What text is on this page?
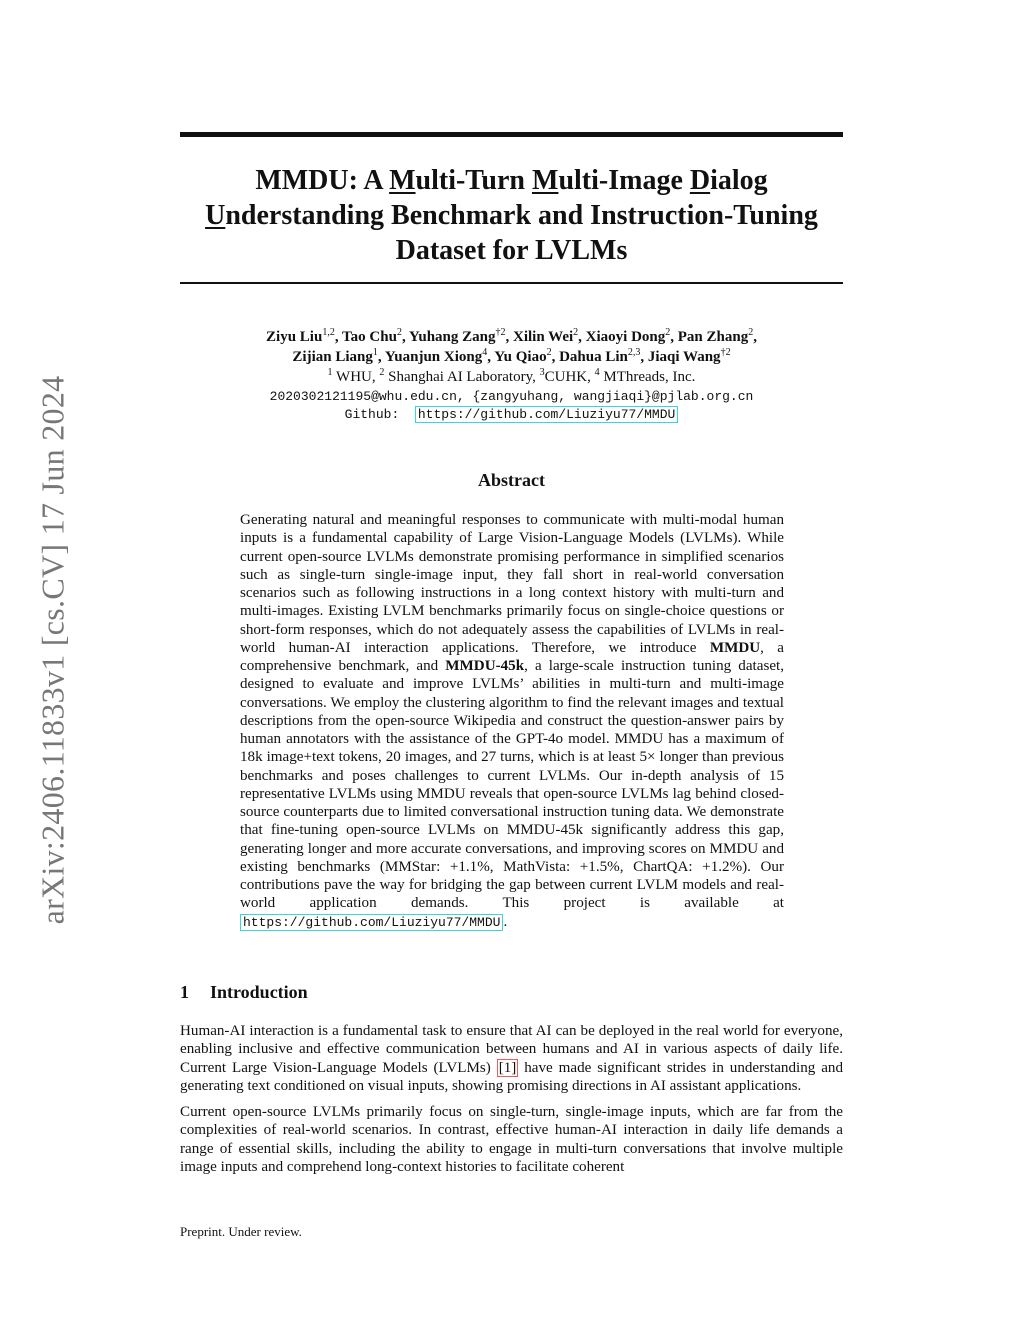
arXiv:2406.11833v1 [cs.CV] 17 Jun 2024
MMDU: A Multi-Turn Multi-Image Dialog
Understanding Benchmark and Instruction-Tuning
Dataset for LVLMs
Ziyu Liu$^{1,2}$, Tao Chu$^2$, Yuhang Zang$^{\dagger 2}$, Xilin Wei$^2$, Xiaoyi Dong$^2$, Pan Zhang$^2$,
Zijian Liang$^1$, Yuanjun Xiong$^4$, Yu Qiao$^2$, Dahua Lin$^{2,3}$, Jiaqi Wang$^{\dagger 2}$
$^1$ WHU, $^2$ Shanghai AI Laboratory, $^3$CUHK, $^4$ MThreads, Inc.
2020302121195@whu.edu.cn, {zangyuhang, wangjiaqi}@pjlab.org.cn
Github: https://github.com/Liuziyu77/MMDU
Abstract

Generating natural and meaningful responses to communicate with multi-modal human inputs is a fundamental capability of Large Vision-Language Models (LVLMs). While current open-source LVLMs demonstrate promising performance in simplified scenarios such as single-turn single-image input, they fall short in real-world conversation scenarios such as following instructions in a long context history with multi-turn and multi-images. Existing LVLM benchmarks primarily focus on single-choice questions or short-form responses, which do not adequately assess the capabilities of LVLMs in real-world human-AI interaction applications. Therefore, we introduce MMDU, a comprehensive benchmark, and MMDU-45k, a large-scale instruction tuning dataset, designed to evaluate and improve LVLMs’ abilities in multi-turn and multi-image conversations. We employ the clustering algorithm to find the relevant images and textual descriptions from the open-source Wikipedia and construct the question-answer pairs by human annotators with the assistance of the GPT-4o model. MMDU has a maximum of 18k image+text tokens, 20 images, and 27 turns, which is at least 5× longer than previous benchmarks and poses challenges to current LVLMs. Our in-depth analysis of 15 representative LVLMs using MMDU reveals that open-source LVLMs lag behind closed-source counterparts due to limited conversational instruction tuning data. We demonstrate that fine-tuning open-source LVLMs on MMDU-45k significantly address this gap, generating longer and more accurate conversations, and improving scores on MMDU and existing benchmarks (MMStar: +1.1%, MathVista: +1.5%, ChartQA: +1.2%). Our contributions pave the way for bridging the gap between current LVLM models and real-world application demands. This project is available at https://github.com/Liuziyu77/MMDU .

1 Introduction

Human-AI interaction is a fundamental task to ensure that AI can be deployed in the real world for everyone, enabling inclusive and effective communication between humans and AI in various aspects of daily life. Current Large Vision-Language Models (LVLMs) [1] have made significant strides in understanding and generating text conditioned on visual inputs, showing promising directions in AI assistant applications.

Current open-source LVLMs primarily focus on single-turn, single-image inputs, which are far from the complexities of real-world scenarios. In contrast, effective human-AI interaction in daily life demands a range of essential skills, including the ability to engage in multi-turn conversations that involve multiple image inputs and comprehend long-context histories to facilitate coherent

Preprint. Under review.
